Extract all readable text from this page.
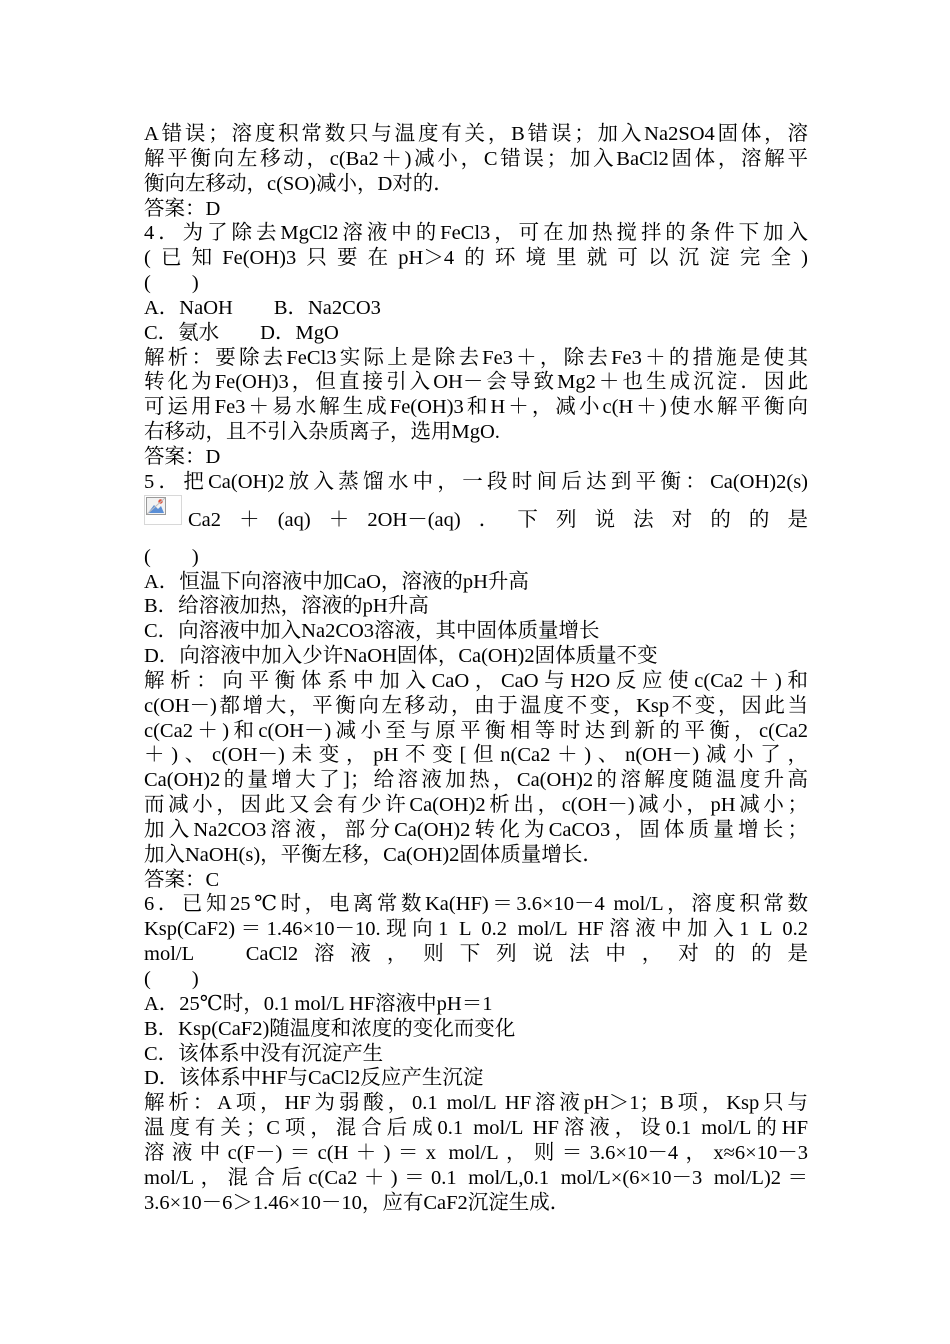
A错误；溶度积常数只与温度有关，B错误；加入Na2SO4固体，溶
解平衡向左移动，c(Ba2＋)减小，C错误；加入BaCl2固体，溶解平
衡向左移动，c(SO)减小，D对的．
答案：D
4．为了除去MgCl2溶液中的FeCl3，可在加热搅拌的条件下加入
(已知Fe(OH)3只要在pH＞4的环境里就可以沉淀完全)
(　　)
A．NaOH　　B．Na2CO3
C．氨水　　D．MgO
解析：要除去FeCl3实际上是除去Fe3＋，除去Fe3＋的措施是使其
转化为Fe(OH)3，但直接引入OH－会导致Mg2＋也生成沉淀．因此
可运用Fe3＋易水解生成Fe(OH)3和H＋，减小c(H＋)使水解平衡向
右移动，且不引入杂质离子，选用MgO.
答案：D
5．把Ca(OH)2放入蒸馏水中，一段时间后达到平衡：Ca(OH)2(s)
Ca2＋(aq)＋2OH－(aq)．下列说法对的的是
(　　)
A．恒温下向溶液中加CaO，溶液的pH升高
B．给溶液加热，溶液的pH升高
C．向溶液中加入Na2CO3溶液，其中固体质量增长
D．向溶液中加入少许NaOH固体，Ca(OH)2固体质量不变
解析：向平衡体系中加入CaO，CaO与H2O反应使c(Ca2＋)和
c(OH－)都增大，平衡向左移动，由于温度不变，Ksp不变，因此当
c(Ca2＋)和c(OH－)减小至与原平衡相等时达到新的平衡，c(Ca2
＋)、c(OH－)未变，pH不变[但n(Ca2＋)、n(OH－)减小了，
Ca(OH)2的量增大了]；给溶液加热，Ca(OH)2的溶解度随温度升高
而减小，因此又会有少许Ca(OH)2析出，c(OH－)减小，pH减小；
加入Na2CO3溶液，部分Ca(OH)2转化为CaCO3，固体质量增长；
加入NaOH(s)，平衡左移，Ca(OH)2固体质量增长．
答案：C
6．已知25℃时，电离常数Ka(HF)＝3.6×10－4 mol/L，溶度积常数
Ksp(CaF2)＝1.46×10－10.现向1 L 0.2 mol/L HF溶液中加入1 L 0.2
mol/L　CaCl2溶液，则下列说法中，对的的是
(　　)
A．25℃时，0.1 mol/L HF溶液中pH＝1
B．Ksp(CaF2)随温度和浓度的变化而变化
C．该体系中没有沉淀产生
D．该体系中HF与CaCl2反应产生沉淀
解析：A项，HF为弱酸，0.1 mol/L HF溶液pH＞1；B项，Ksp只与
温度有关；C项，混合后成0.1 mol/L HF溶液，设0.1 mol/L的HF
溶液中c(F－)＝c(H＋)＝x mol/L，则＝3.6×10－4，x≈6×10－3
mol/L，混合后c(Ca2＋)＝0.1 mol/L,0.1 mol/L×(6×10－3 mol/L)2＝
3.6×10－6＞1.46×10－10，应有CaF2沉淀生成．
